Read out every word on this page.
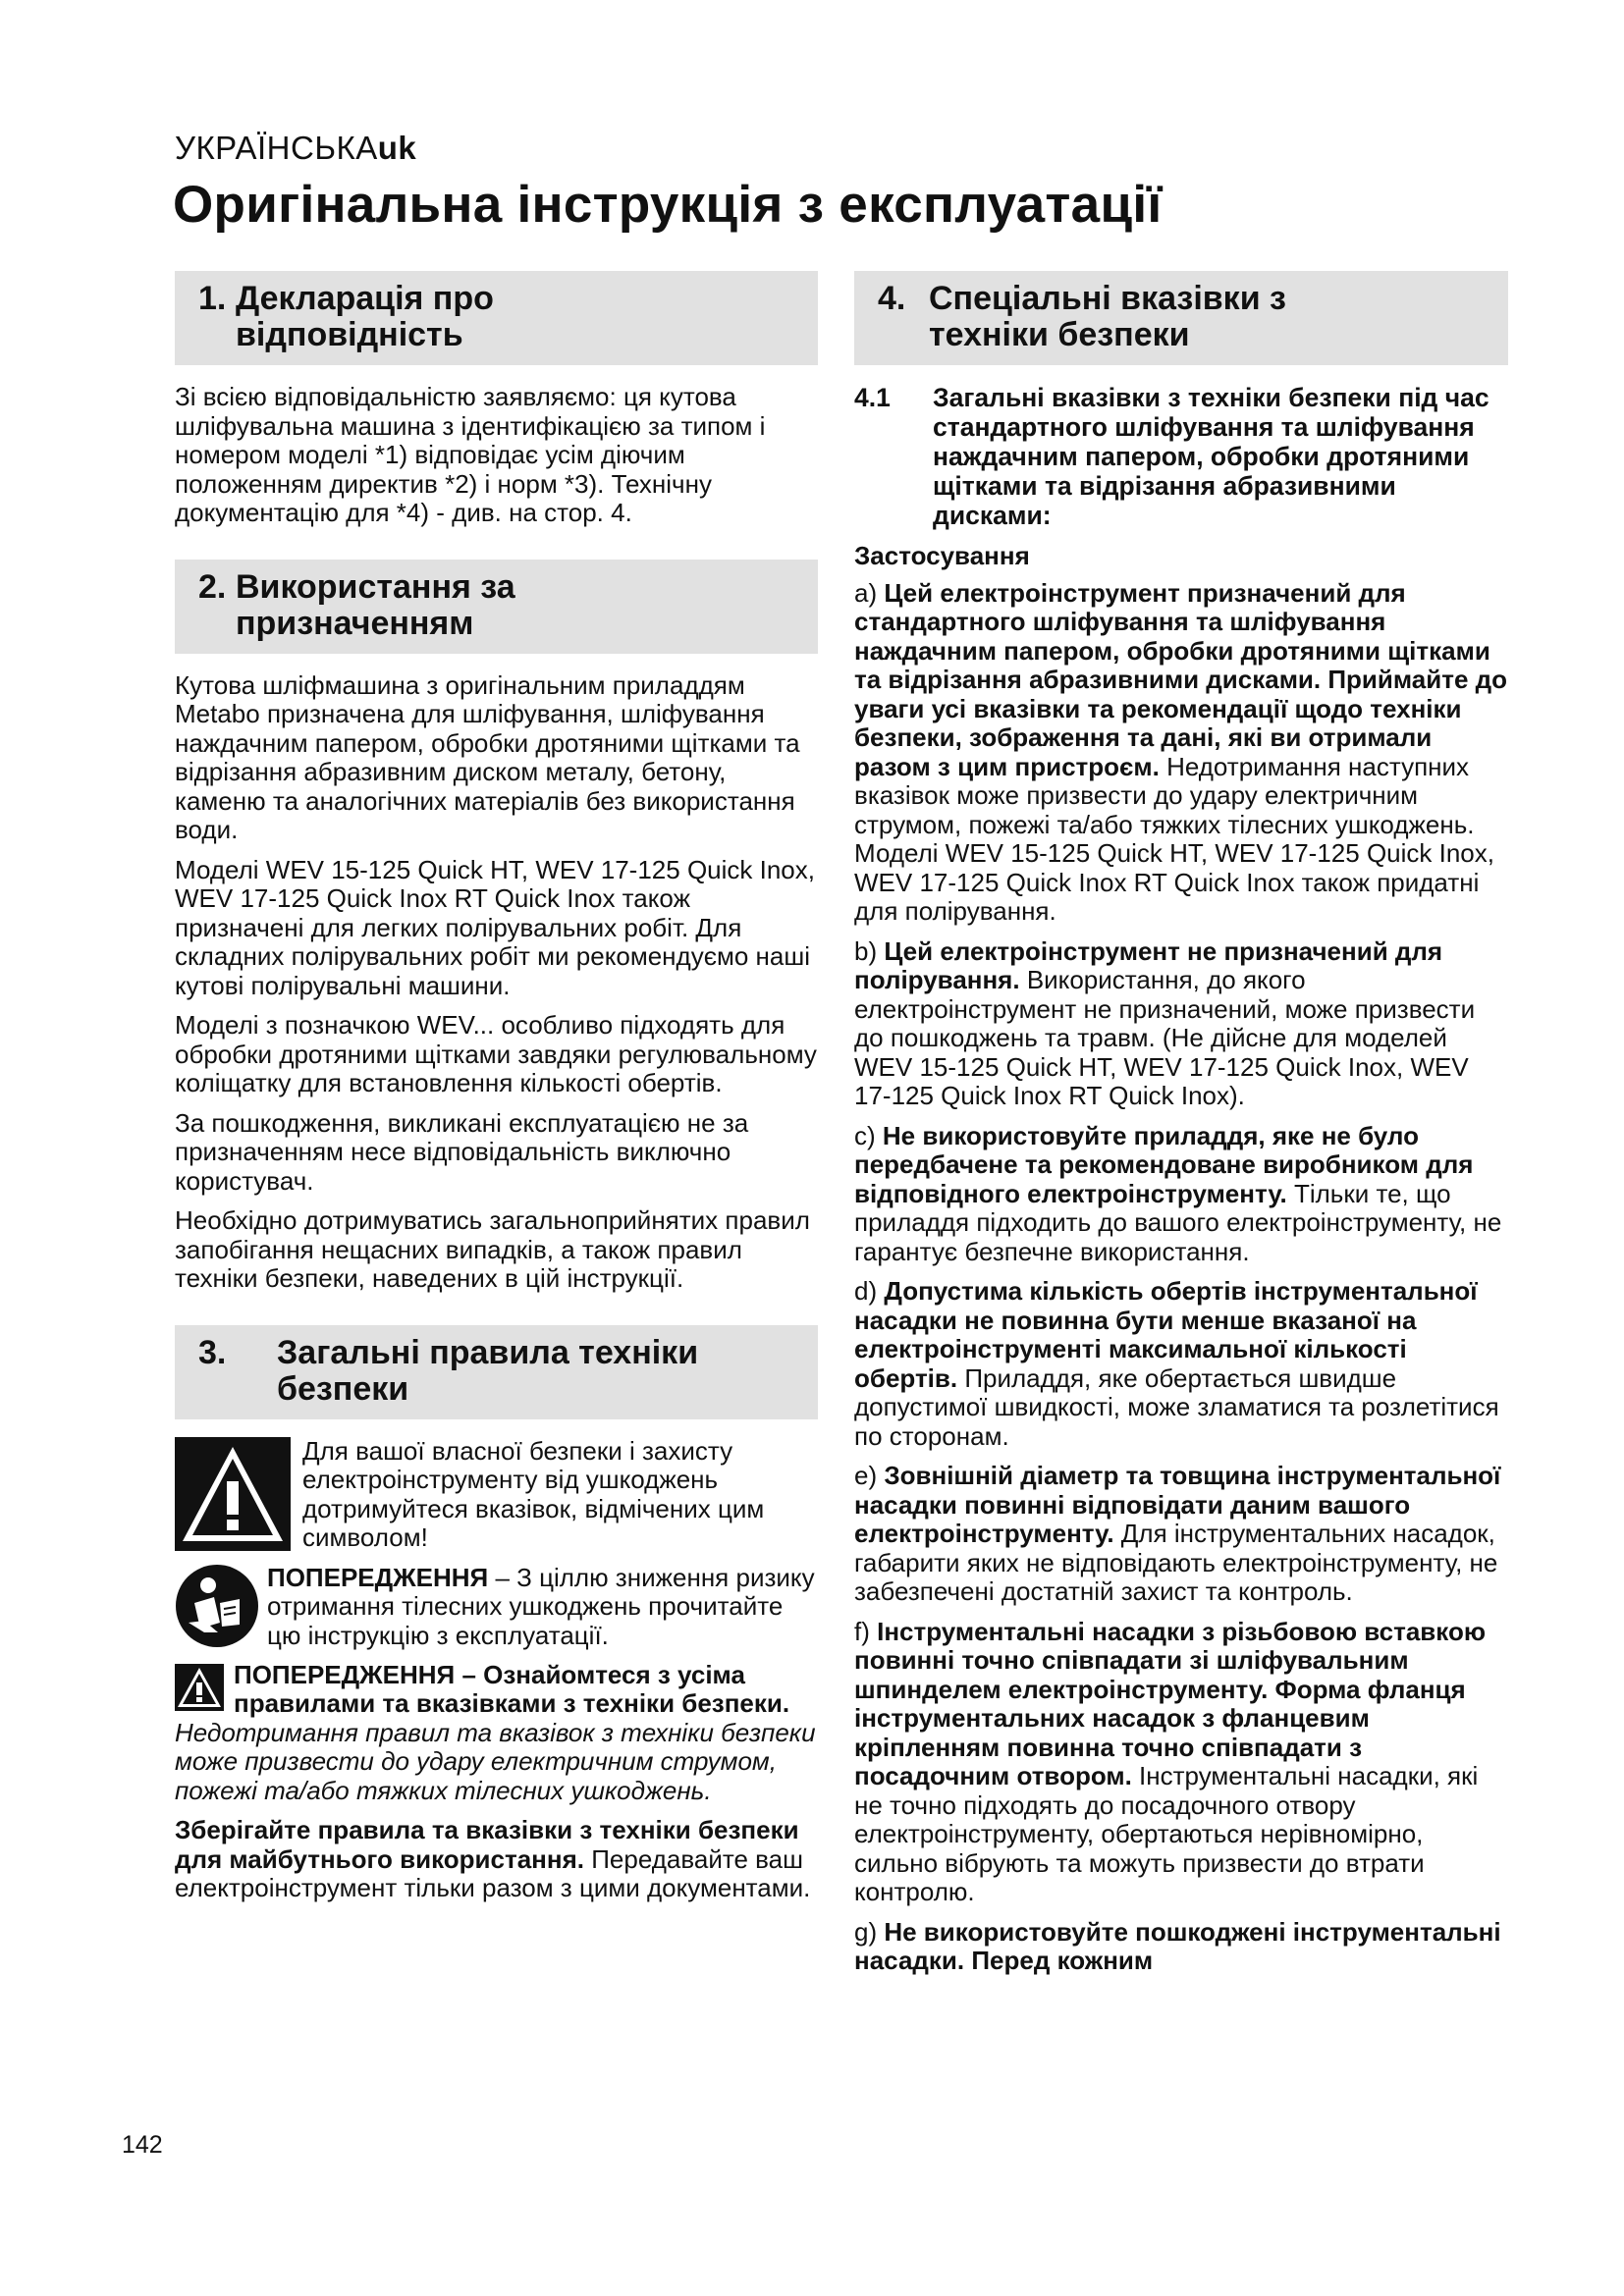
УКРАЇНСЬКАuk
Оригінальна інструкція з експлуатації
1. Декларація про
відповідність

Зі всією відповідальністю заявляємо: ця кутова шліфувальна машина з ідентифікацією за типом і номером моделі *1) відповідає усім діючим положенням директив *2) і норм *3). Технічну документацію для *4) - див. на стор. 4.

2. Використання за
призначенням

Кутова шліфмашина з оригінальним приладдям Metabo призначена для шліфування, шліфування наждачним папером, обробки дротяними щітками та відрізання абразивним диском металу, бетону, каменю та аналогічних матеріалів без використання води.

Моделі WEV 15-125 Quick HT, WEV 17-125 Quick Inox, WEV 17-125 Quick Inox RT Quick Inox також призначені для легких полірувальних робіт. Для складних полірувальних робіт ми рекомендуємо наші кутові полірувальні машини.

Моделі з позначкою WEV... особливо підходять для обробки дротяними щітками завдяки регулювальному коліщатку для встановлення кількості обертів.

За пошкодження, викликані експлуатацією не за призначенням несе відповідальність виключно користувач.

Необхідно дотримуватись загальноприйнятих правил запобігання нещасних випадків, а також правил техніки безпеки, наведених в цій інструкції.

3.	Загальні правила техніки
безпеки

Для вашої власної безпеки і захисту електроінструменту від ушкоджень дотримуйтеся вказівок, відмічених цим символом!

ПОПЕРЕДЖЕННЯ – З ціллю зниження ризику отримання тілесних ушкоджень прочитайте цю інструкцію з експлуатації.

ПОПЕРЕДЖЕННЯ – Ознайомтеся з усіма правилами та вказівками з техніки безпеки. Недотримання правил та вказівок з техніки безпеки може призвести до удару електричним струмом, пожежі та/або тяжких тілесних ушкоджень.

Зберігайте правила та вказівки з техніки безпеки для майбутнього використання. Передавайте ваш електроінструмент тільки разом з цими документами.

4. Спеціальні вказівки з
техніки безпеки
4.1	Загальні вказівки з техніки безпеки під час стандартного шліфування та шліфування наждачним папером, обробки дротяними щітками та відрізання абразивними дисками:

Застосування

a) Цей електроінструмент призначений для стандартного шліфування та шліфування наждачним папером, обробки дротяними щітками та відрізання абразивними дисками. Приймайте до уваги усі вказівки та рекомендації щодо техніки безпеки, зображення та дані, які ви отримали разом з цим пристроєм. Недотримання наступних вказівок може призвести до удару електричним струмом, пожежі та/або тяжких тілесних ушкоджень. Моделі WEV 15-125 Quick HT, WEV 17-125 Quick Inox, WEV 17-125 Quick Inox RT Quick Inox також придатні для полірування.

b) Цей електроінструмент не призначений для полірування. Використання, до якого електроінструмент не призначений, може призвести до пошкоджень та травм. (Не дійсне для моделей WEV 15-125 Quick HT, WEV 17-125 Quick Inox, WEV 17-125 Quick Inox RT Quick Inox).

c) Не використовуйте приладдя, яке не було передбачене та рекомендоване виробником для відповідного електроінструменту. Тільки те, що приладдя підходить до вашого електроінструменту, не гарантує безпечне використання.

d) Допустима кількість обертів інструментальної насадки не повинна бути менше вказаної на електроінструменті максимальної кількості обертів. Приладдя, яке обертається швидше допустимої швидкості, може зламатися та розлетітися по сторонам.

e) Зовнішній діаметр та товщина інструментальної насадки повинні відповідати даним вашого електроінструменту. Для інструментальних насадок, габарити яких не відповідають електроінструменту, не забезпечені достатній захист та контроль.

f) Інструментальні насадки з різьбовою вставкою повинні точно співпадати зі шліфувальним шпинделем електроінструменту. Форма фланця інструментальних насадок з фланцевим кріпленням повинна точно співпадати з посадочним отвором. Інструментальні насадки, які не точно підходять до посадочного отвору електроінструменту, обертаються нерівномірно, сильно вібрують та можуть призвести до втрати контролю.

g) Не використовуйте пошкоджені інструментальні насадки. Перед кожним

142
